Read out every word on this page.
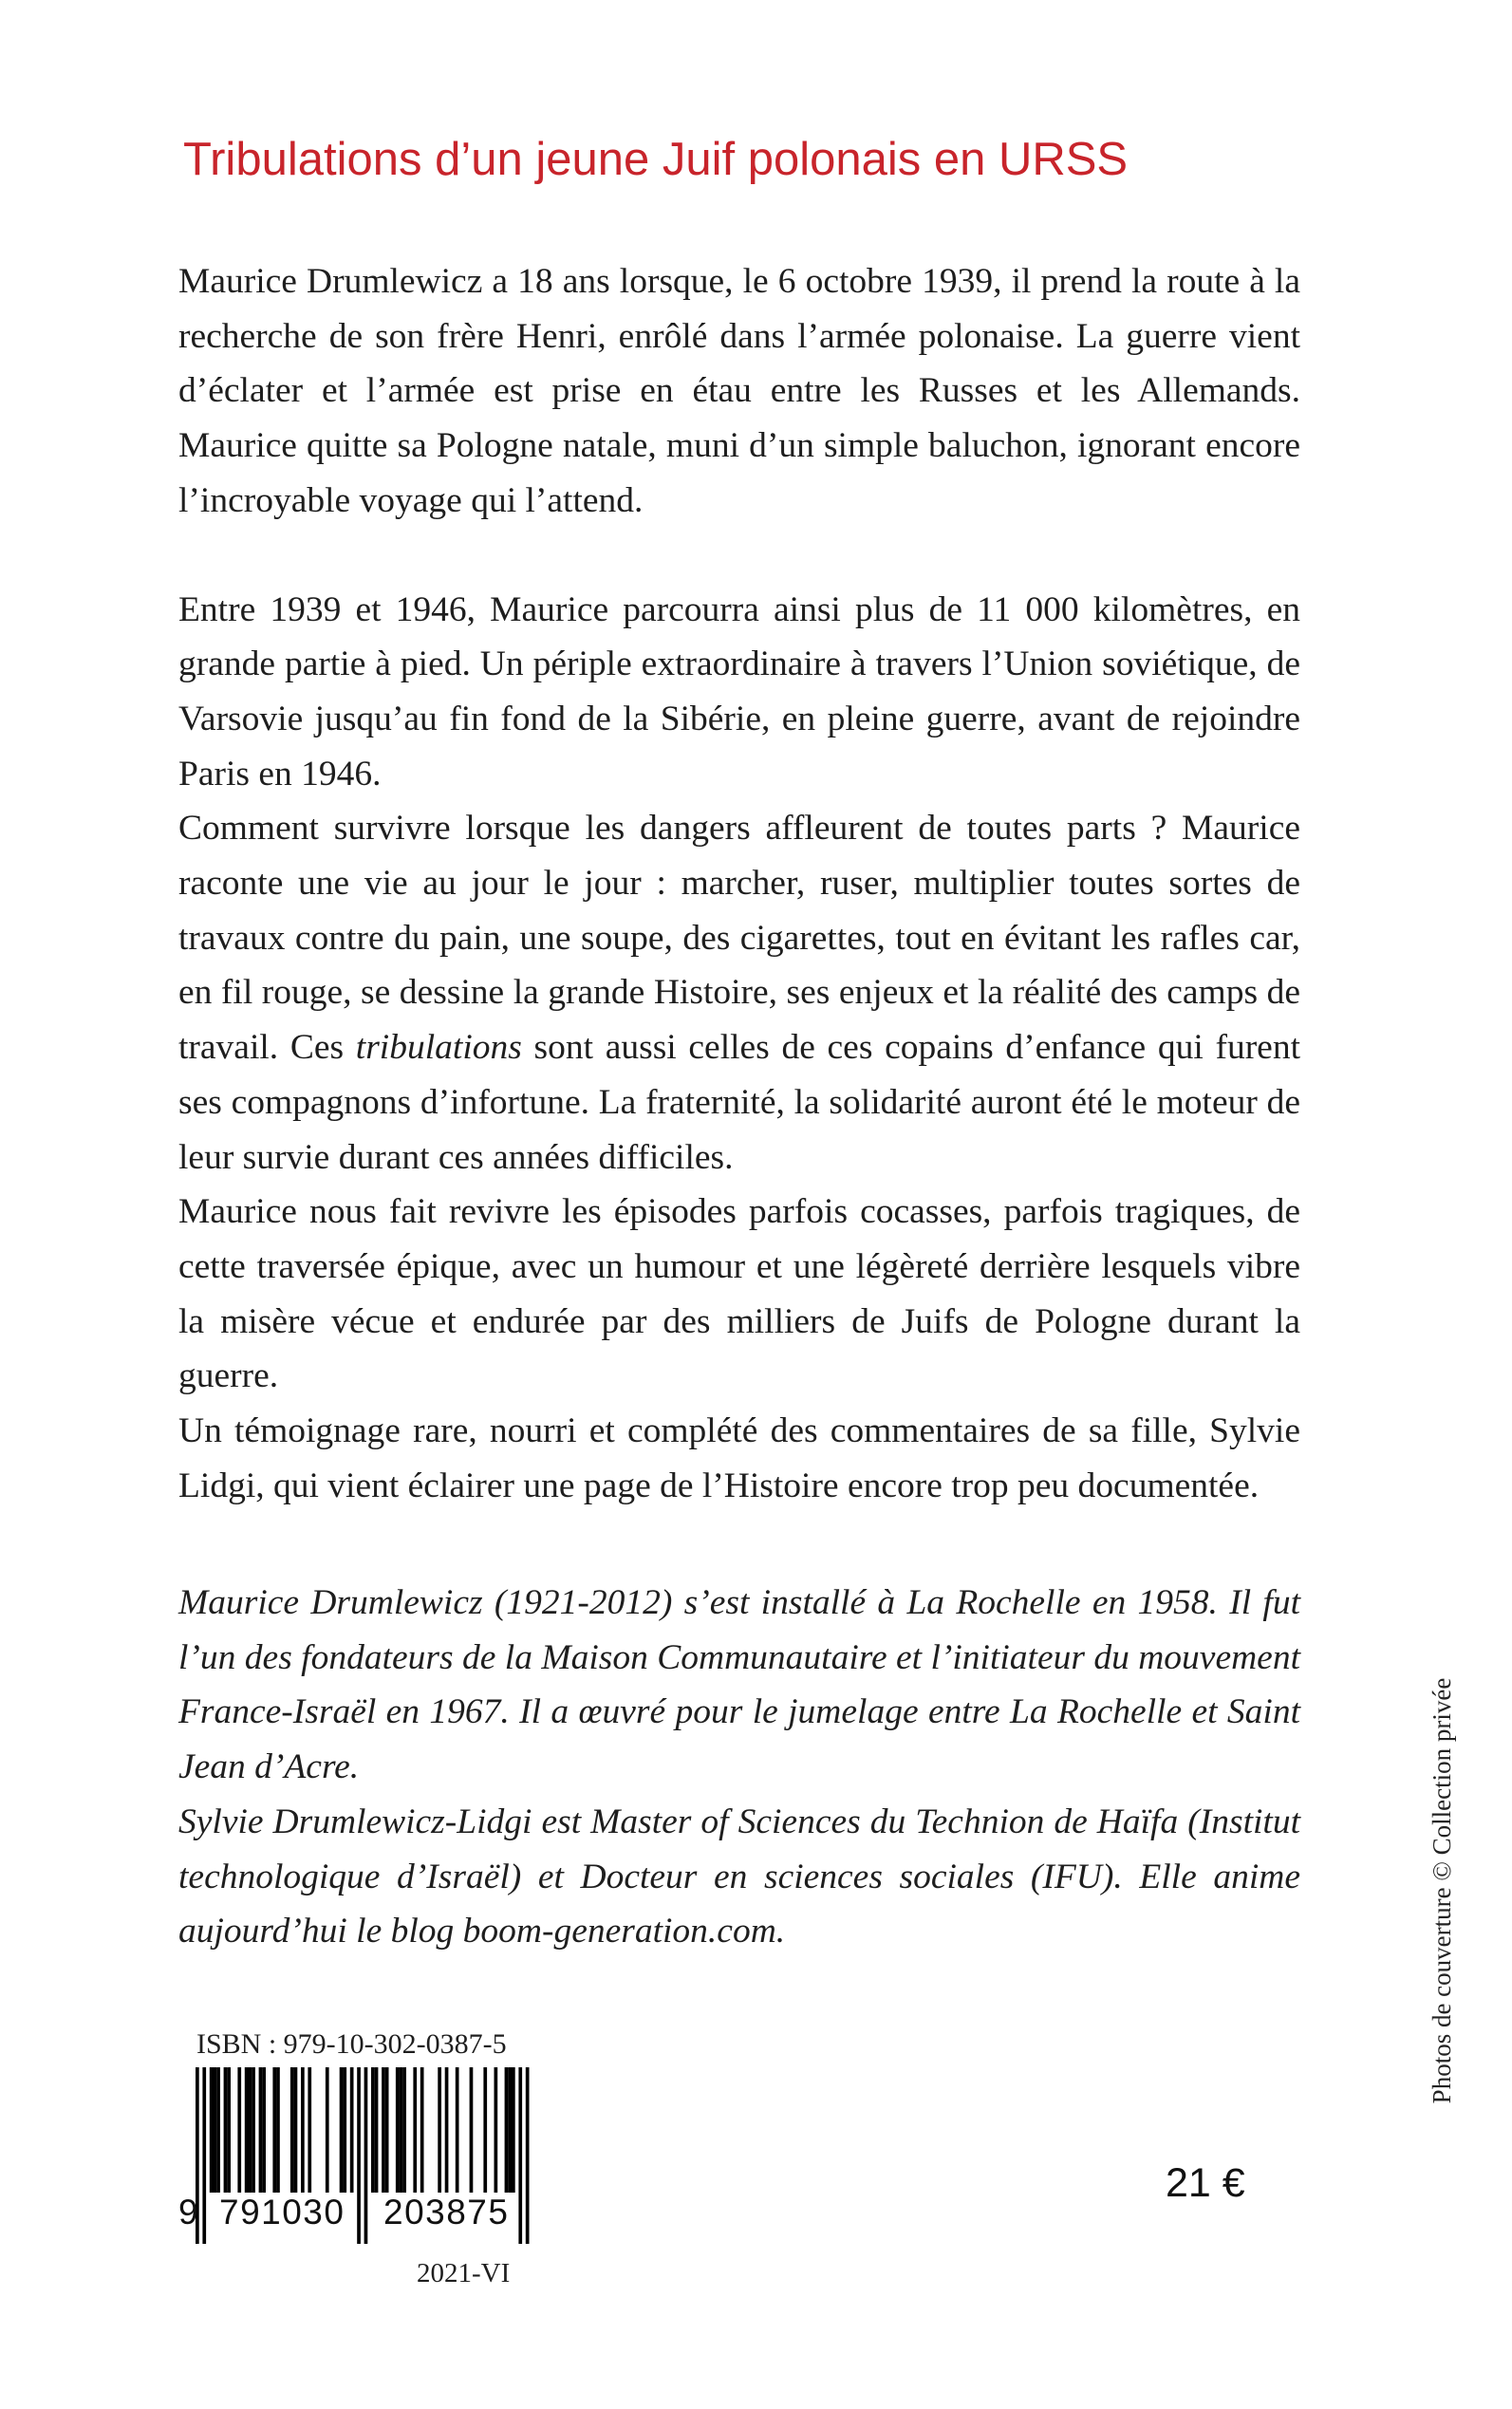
Tribulations d’un jeune Juif polonais en URSS

Maurice Drumlewicz a 18 ans lorsque, le 6 octobre 1939, il prend la route à la recherche de son frère Henri, enrôlé dans l’armée polonaise. La guerre vient d’éclater et l’armée est prise en étau entre les Russes et les Allemands. Maurice quitte sa Pologne natale, muni d’un simple baluchon, ignorant encore l’incroyable voyage qui l’attend.

Entre 1939 et 1946, Maurice parcourra ainsi plus de 11 000 kilomètres, en grande partie à pied. Un périple extraordinaire à travers l’Union soviétique, de Varsovie jusqu’au fin fond de la Sibérie, en pleine guerre, avant de rejoindre Paris en 1946.

Comment survivre lorsque les dangers affleurent de toutes parts ? Maurice raconte une vie au jour le jour : marcher, ruser, multiplier toutes sortes de travaux contre du pain, une soupe, des cigarettes, tout en évitant les rafles car, en fil rouge, se dessine la grande Histoire, ses enjeux et la réalité des camps de travail. Ces tribulations sont aussi celles de ces copains d’enfance qui furent ses compagnons d’infortune. La fraternité, la solidarité auront été le moteur de leur survie durant ces années difficiles.

Maurice nous fait revivre les épisodes parfois cocasses, parfois tragiques, de cette traversée épique, avec un humour et une légèreté derrière lesquels vibre la misère vécue et endurée par des milliers de Juifs de Pologne durant la guerre.

Un témoignage rare, nourri et complété des commentaires de sa fille, Sylvie Lidgi, qui vient éclairer une page de l’Histoire encore trop peu documentée.

Maurice Drumlewicz (1921-2012) s’est installé à La Rochelle en 1958. Il fut l’un des fondateurs de la Maison Communautaire et l’initiateur du mouvement France-Israël en 1967. Il a œuvré pour le jumelage entre La Rochelle et Saint Jean d’Acre.

Sylvie Drumlewicz-Lidgi est Master of Sciences du Technion de Haïfa (Institut technologique d’Israël) et Docteur en sciences sociales (IFU). Elle anime aujourd’hui le blog boom-generation.com.	Photos de couverture © Collection privée
ISBN : 979-10-302-0387-5
9 791030 203875
2021-VI
21 €
